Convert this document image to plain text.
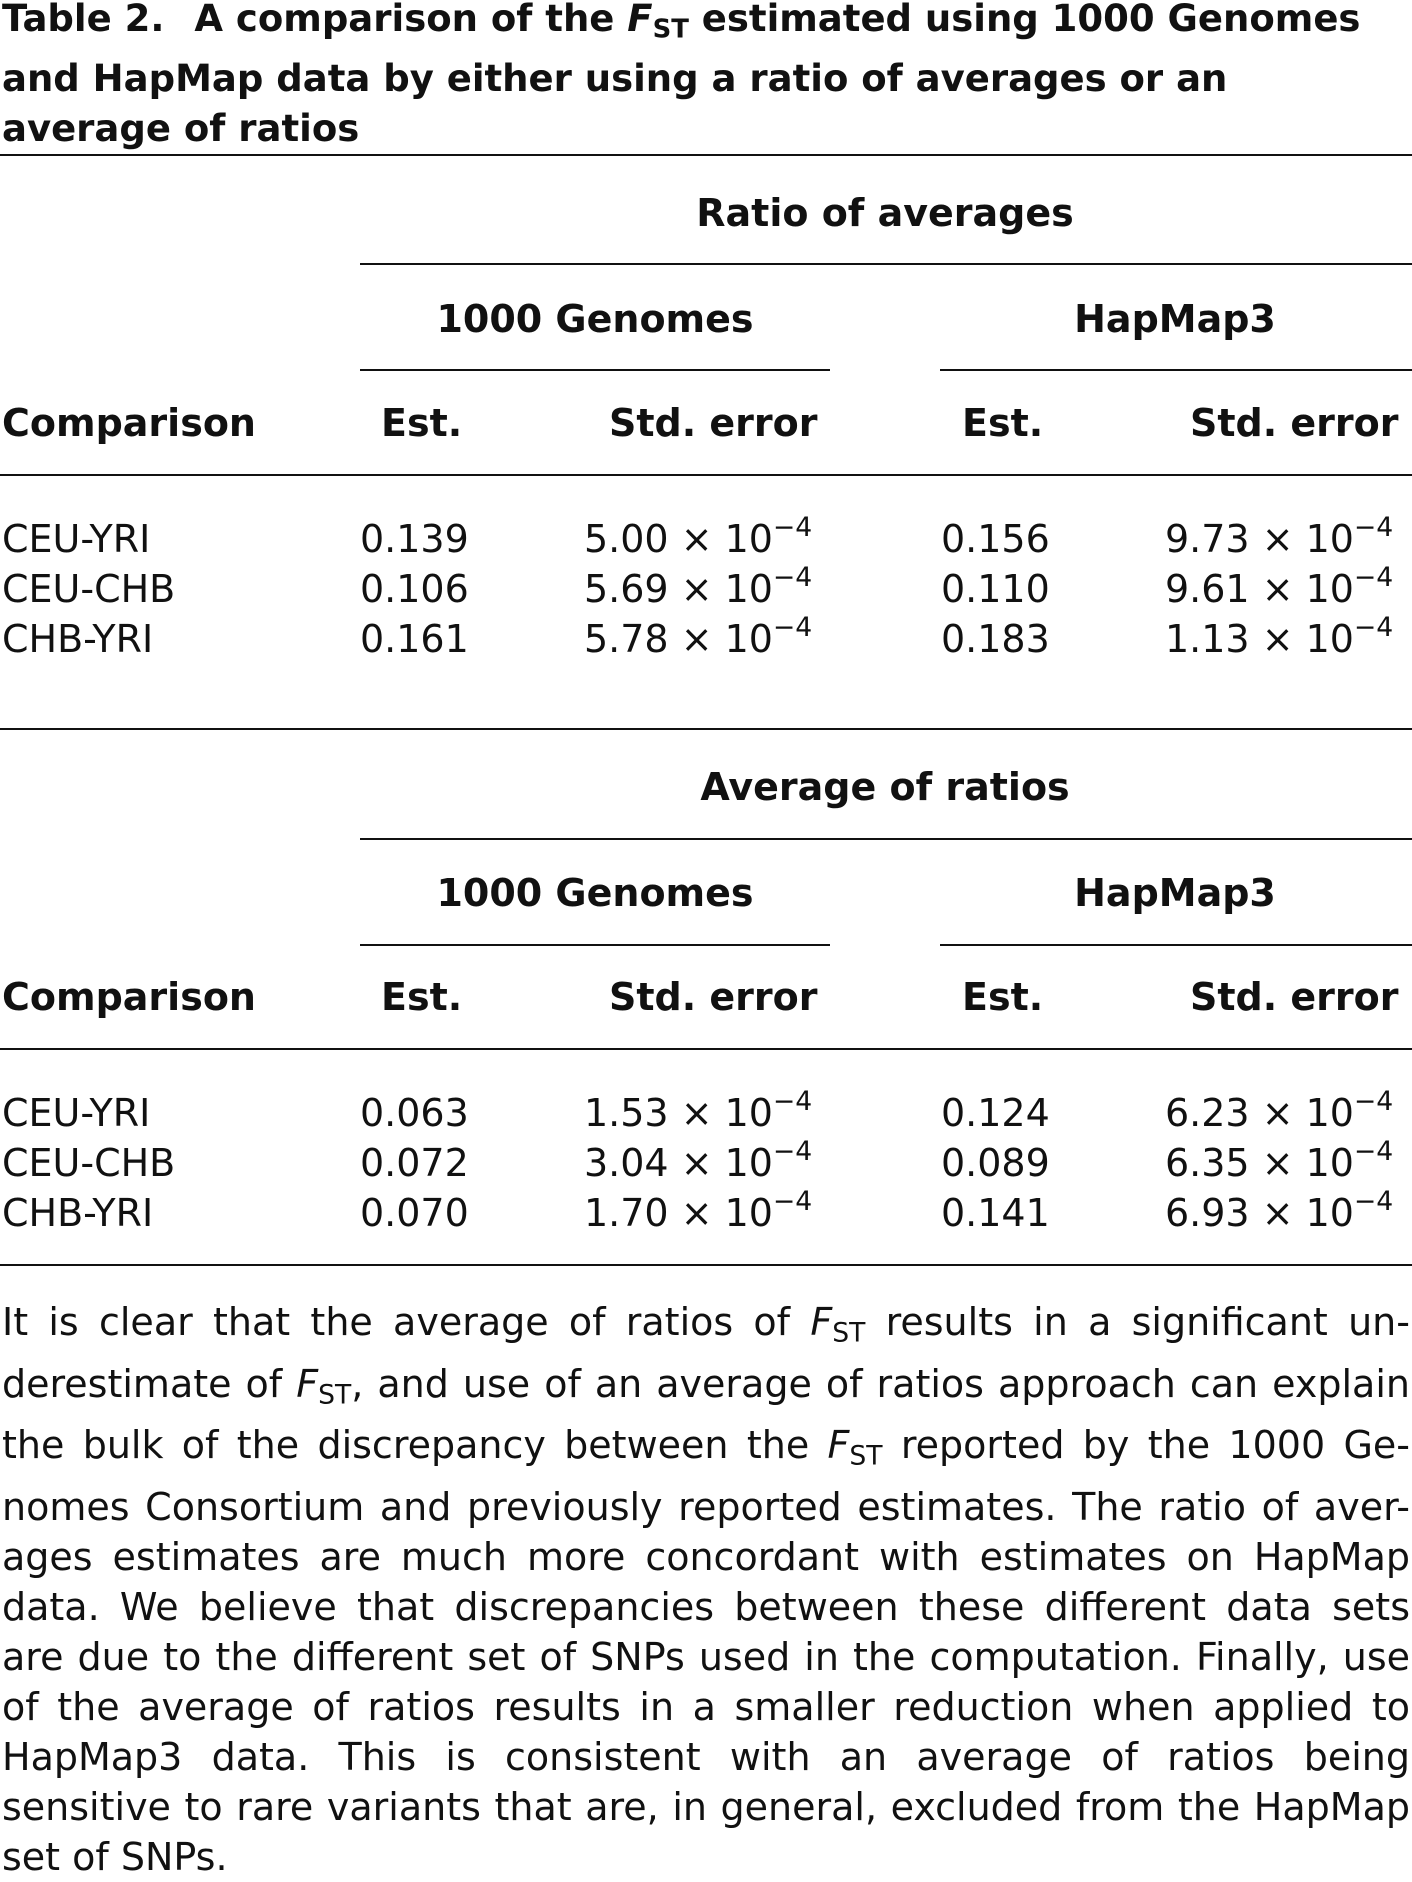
Table 2. A comparison of the FST estimated using 1000 Genomes and HapMap data by either using a ratio of averages or an average of ratios
Ratio of averages
1000 Genomes	HapMap3
Comparison	Est.	Std. error	Est.	Std. error
CEU-YRI	0.139	$5.00 \times 10^{-4}$	0.156	$9.73 \times 10^{-4}$
CEU-CHB	0.106	$5.69 \times 10^{-4}$	0.110	$9.61 \times 10^{-4}$
CHB-YRI	0.161	$5.78 \times 10^{-4}$	0.183	$1.13 \times 10^{-4}$
Average of ratios
1000 Genomes	HapMap3
Comparison	Est.	Std. error	Est.	Std. error
CEU-YRI	0.063	$1.53 \times 10^{-4}$	0.124	$6.23 \times 10^{-4}$
CEU-CHB	0.072	$3.04 \times 10^{-4}$	0.089	$6.35 \times 10^{-4}$
CHB-YRI	0.070	$1.70 \times 10^{-4}$	0.141	$6.93 \times 10^{-4}$
It is clear that the average of ratios of FST results in a significant un-derestimate of FST, and use of an average of ratios approach can explain the bulk of the discrepancy between the FST reported by the 1000 Ge-nomes Consortium and previously reported estimates. The ratio of aver-ages estimates are much more concordant with estimates on HapMap data. We believe that discrepancies between these different data sets are due to the different set of SNPs used in the computation. Finally, use of the average of ratios results in a smaller reduction when applied to HapMap3 data. This is consistent with an average of ratios being sensitive to rare variants that are, in general, excluded from the HapMap set of SNPs.
